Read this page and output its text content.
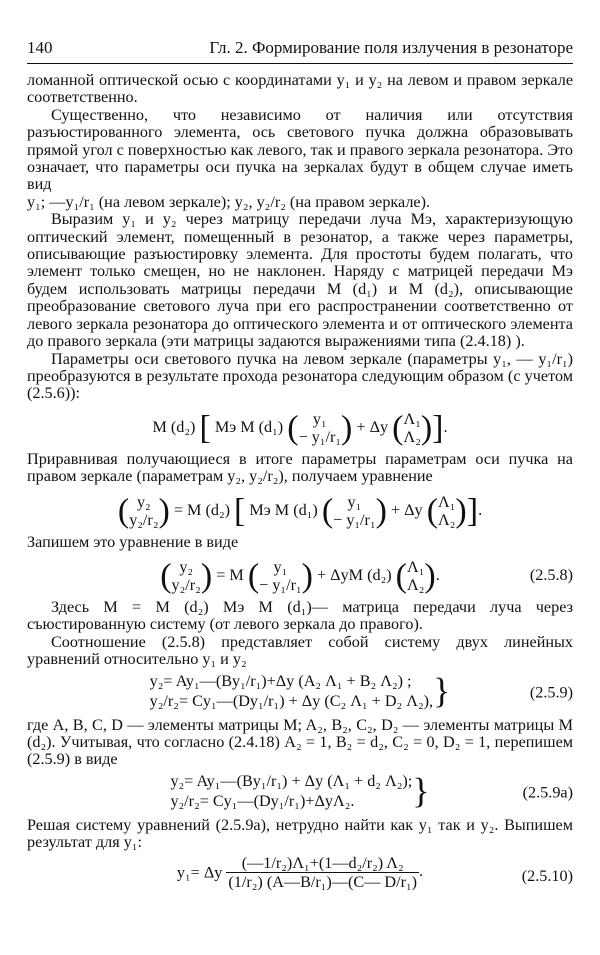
140	Гл. 2. Формирование поля излучения в резонаторе

ломанной оптической осью с координатами y₁ и y₂ на левом и правом зеркале соответственно.

Существенно, что независимо от наличия или отсутствия разъюстированного элемента, ось светового пучка должна образовывать прямой угол с поверхностью как левого, так и правого зеркала резонатора. Это означает, что параметры оси пучка на зеркалах будут в общем случае иметь вид

y₁; —y₁/r₁ (на левом зеркале); y₂, y₂/r₂ (на правом зеркале).

Выразим y₁ и y₂ через матрицу передачи луча Mэ, характеризующую оптический элемент, помещенный в резонатор, а также через параметры, описывающие разъюстировку элемента. Для простоты будем полагать, что элемент только смещен, но не наклонен. Наряду с матрицей передачи Mэ будем использовать матрицы передачи M (d₁) и M (d₂), описывающие преобразование светового луча при его распространении соответственно от левого зеркала резонатора до оптического элемента и от оптического элемента до правого зеркала (эти матрицы задаются выражениями типа (2.4.18) ).

Параметры оси светового пучка на левом зеркале (параметры y₁, — y₁/r₁) преобразуются в результате прохода резонатора следующим образом (с учетом (2.5.6)):

M (d₂) [ Mэ M (d₁) ( y₁
− y₁/r₁) + Δy (Λ₁
Λ₂)].

Приравнивая получающиеся в итоге параметры параметрам оси пучка на правом зеркале (параметрам y₂, y₂/r₂), получаем уравнение

( y₂
y₂/r₂) = M (d₂) [ Mэ M (d₁) ( y₁
− y₁/r₁) + Δy (Λ₁
Λ₂)].

Запишем это уравнение в виде

( y₂
y₂/r₂) = M ( y₁
− y₁/r₁) + ΔyM (d₂) (Λ₁
Λ₂).	(2.5.8)

Здесь M = M (d₂) Mэ M (d₁)— матрица передачи луча через съюстированную систему (от левого зеркала до правого).

Соотношение (2.5.8) представляет собой систему двух линейных уравнений относительно y₁ и y₂

y₂= Ay₁—(By₁/r₁)+Δy (A₂ Λ₁ + B₂ Λ₂) ;
y₂/r₂= Cy₁—(Dy₁/r₁) + Δy (C₂ Λ₁ + D₂ Λ₂),}	(2.5.9)

где A, B, C, D — элементы матрицы M; A₂, B₂, C₂, D₂ — элементы матрицы M (d₂). Учитывая, что согласно (2.4.18) A₂ = 1, B₂ = d₂, C₂ = 0, D₂ = 1, перепишем (2.5.9) в виде

y₂= Ay₁—(By₁/r₁) + Δy (Λ₁ + d₂ Λ₂);
y₂/r₂= Cy₁—(Dy₁/r₁)+ΔyΛ₂. }	(2.5.9а)

Решая систему уравнений (2.5.9а), нетрудно найти как y₁ так и y₂. Выпишем результат для y₁:

y₁= Δy $\frac{\text{(—1/r₂)Λ₁+(1—d₂/r₂) Λ₂}}{\text{(1/r₂) (A—B/r₁)—(C— D/r₁)}}$ .	(2.5.10)
